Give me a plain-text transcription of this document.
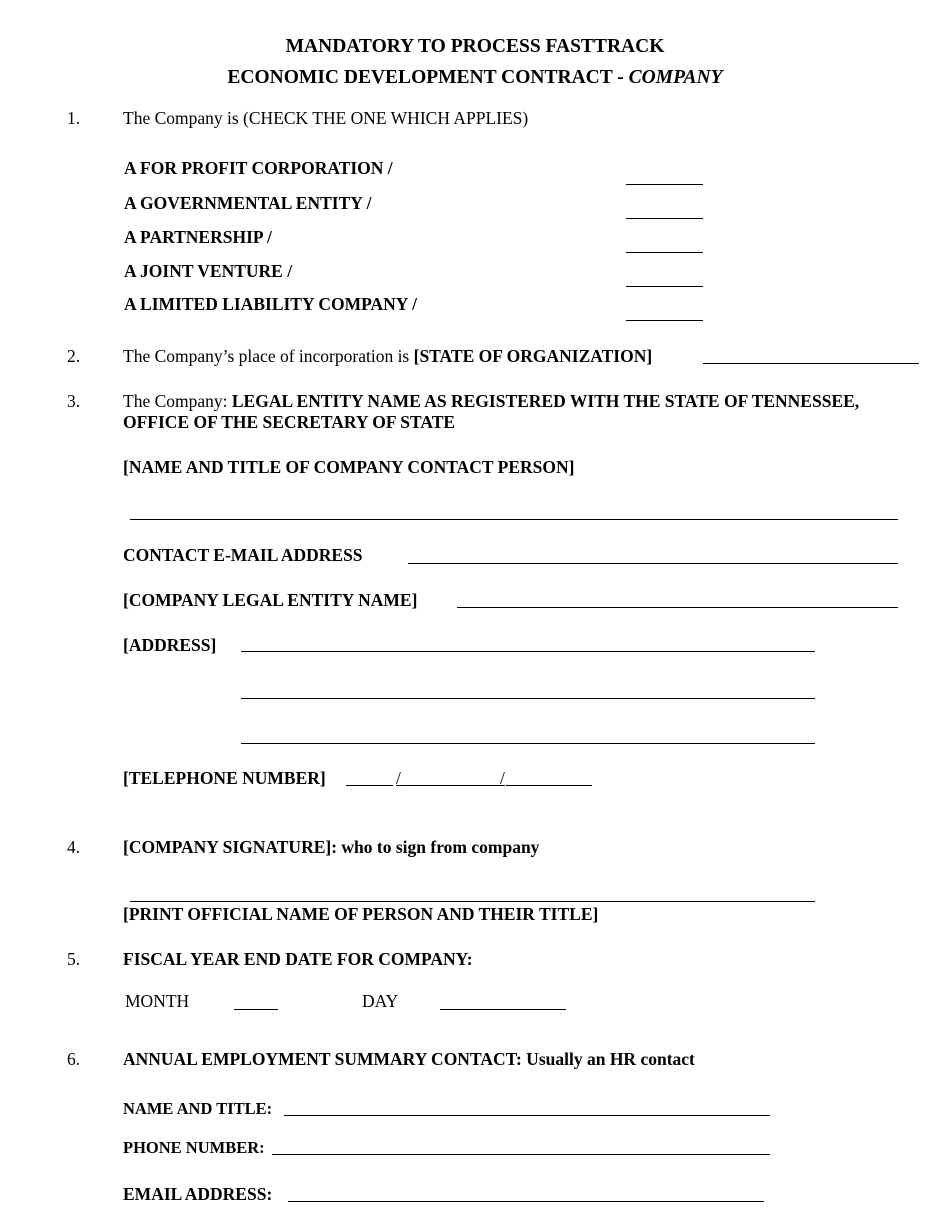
MANDATORY TO PROCESS FASTTRACK
ECONOMIC DEVELOPMENT CONTRACT - COMPANY
1. The Company is (CHECK THE ONE WHICH APPLIES)
A FOR PROFIT CORPORATION /
A GOVERNMENTAL ENTITY /
A PARTNERSHIP /
A JOINT VENTURE /
A LIMITED LIABILITY COMPANY /
2. The Company’s place of incorporation is [STATE OF ORGANIZATION]
3. The Company: LEGAL ENTITY NAME AS REGISTERED WITH THE STATE OF TENNESSEE,
OFFICE OF THE SECRETARY OF STATE
[NAME AND TITLE OF COMPANY CONTACT PERSON]
CONTACT E-MAIL ADDRESS
[COMPANY LEGAL ENTITY NAME]
[ADDRESS]
[TELEPHONE NUMBER]	/	/
4. [COMPANY SIGNATURE]: who to sign from company
[PRINT OFFICIAL NAME OF PERSON AND THEIR TITLE]
5. FISCAL YEAR END DATE FOR COMPANY:
MONTH	DAY
6. ANNUAL EMPLOYMENT SUMMARY CONTACT: Usually an HR contact
NAME AND TITLE:
PHONE NUMBER:
EMAIL ADDRESS:
